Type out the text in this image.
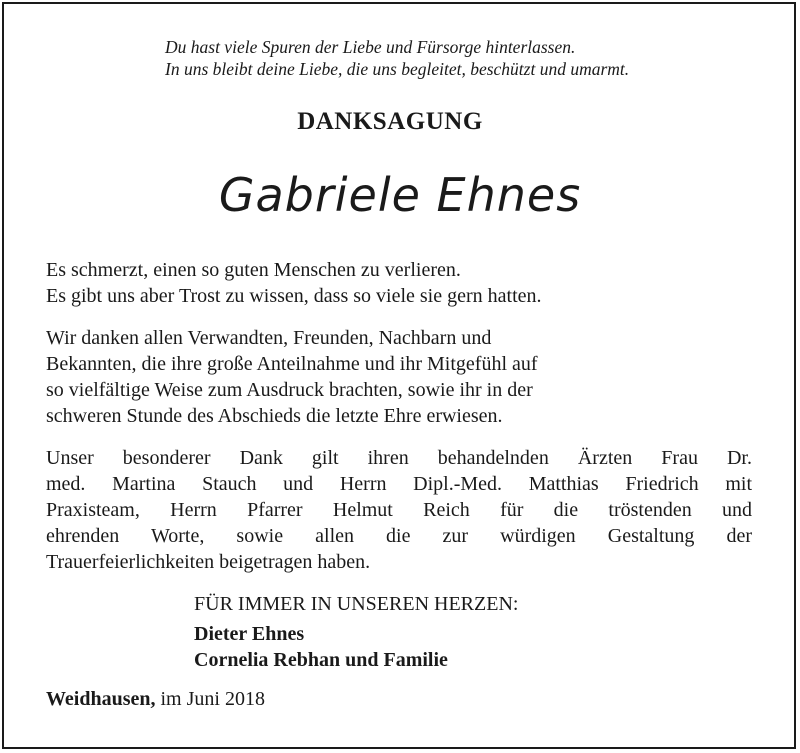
Du hast viele Spuren der Liebe und Fürsorge hinterlassen.
In uns bleibt deine Liebe, die uns begleitet, beschützt und umarmt.
DANKSAGUNG
Gabriele Ehnes
Es schmerzt, einen so guten Menschen zu verlieren.
Es gibt uns aber Trost zu wissen, dass so viele sie gern hatten.
Wir danken allen Verwandten, Freunden, Nachbarn und
Bekannten, die ihre große Anteilnahme und ihr Mitgefühl auf
so vielfältige Weise zum Ausdruck brachten, sowie ihr in der
schweren Stunde des Abschieds die letzte Ehre erwiesen.
Unser besonderer Dank gilt ihren behandelnden Ärzten Frau Dr.
med. Martina Stauch und Herrn Dipl.-Med. Matthias Friedrich mit
Praxisteam, Herrn Pfarrer Helmut Reich für die tröstenden und
ehrenden Worte, sowie allen die zur würdigen Gestaltung der
Trauerfeierlichkeiten beigetragen haben.
FÜR IMMER IN UNSEREN HERZEN:
Dieter Ehnes
Cornelia Rebhan und Familie
Weidhausen, im Juni 2018
